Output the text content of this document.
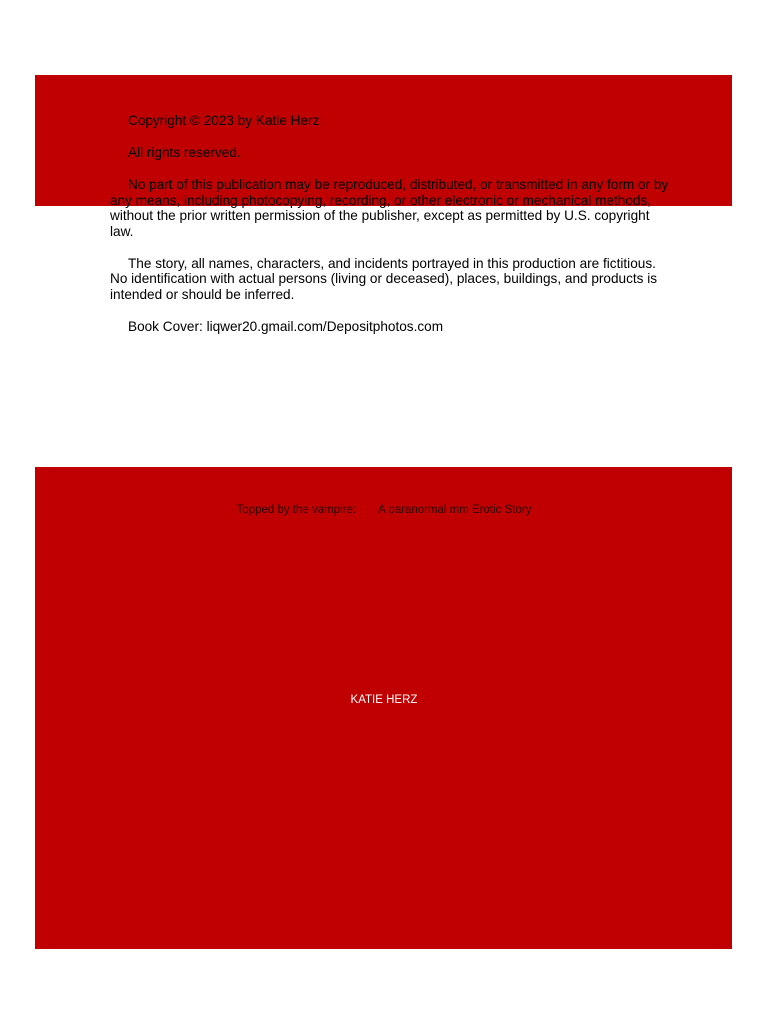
Copyright © 2023 by Katie Herz

All rights reserved.

No part of this publication may be reproduced, distributed, or transmitted in any form or by any means, including photocopying, recording, or other electronic or mechanical methods, without the prior written permission of the publisher, except as permitted by U.S. copyright law.

The story, all names, characters, and incidents portrayed in this production are fictitious. No identification with actual persons (living or deceased), places, buildings, and products is intended or should be inferred.

Book Cover: liqwer20.gmail.com/Depositphotos.com

Topped by the vampire: A paranormal mm Erotic Story
KATIE HERZ
